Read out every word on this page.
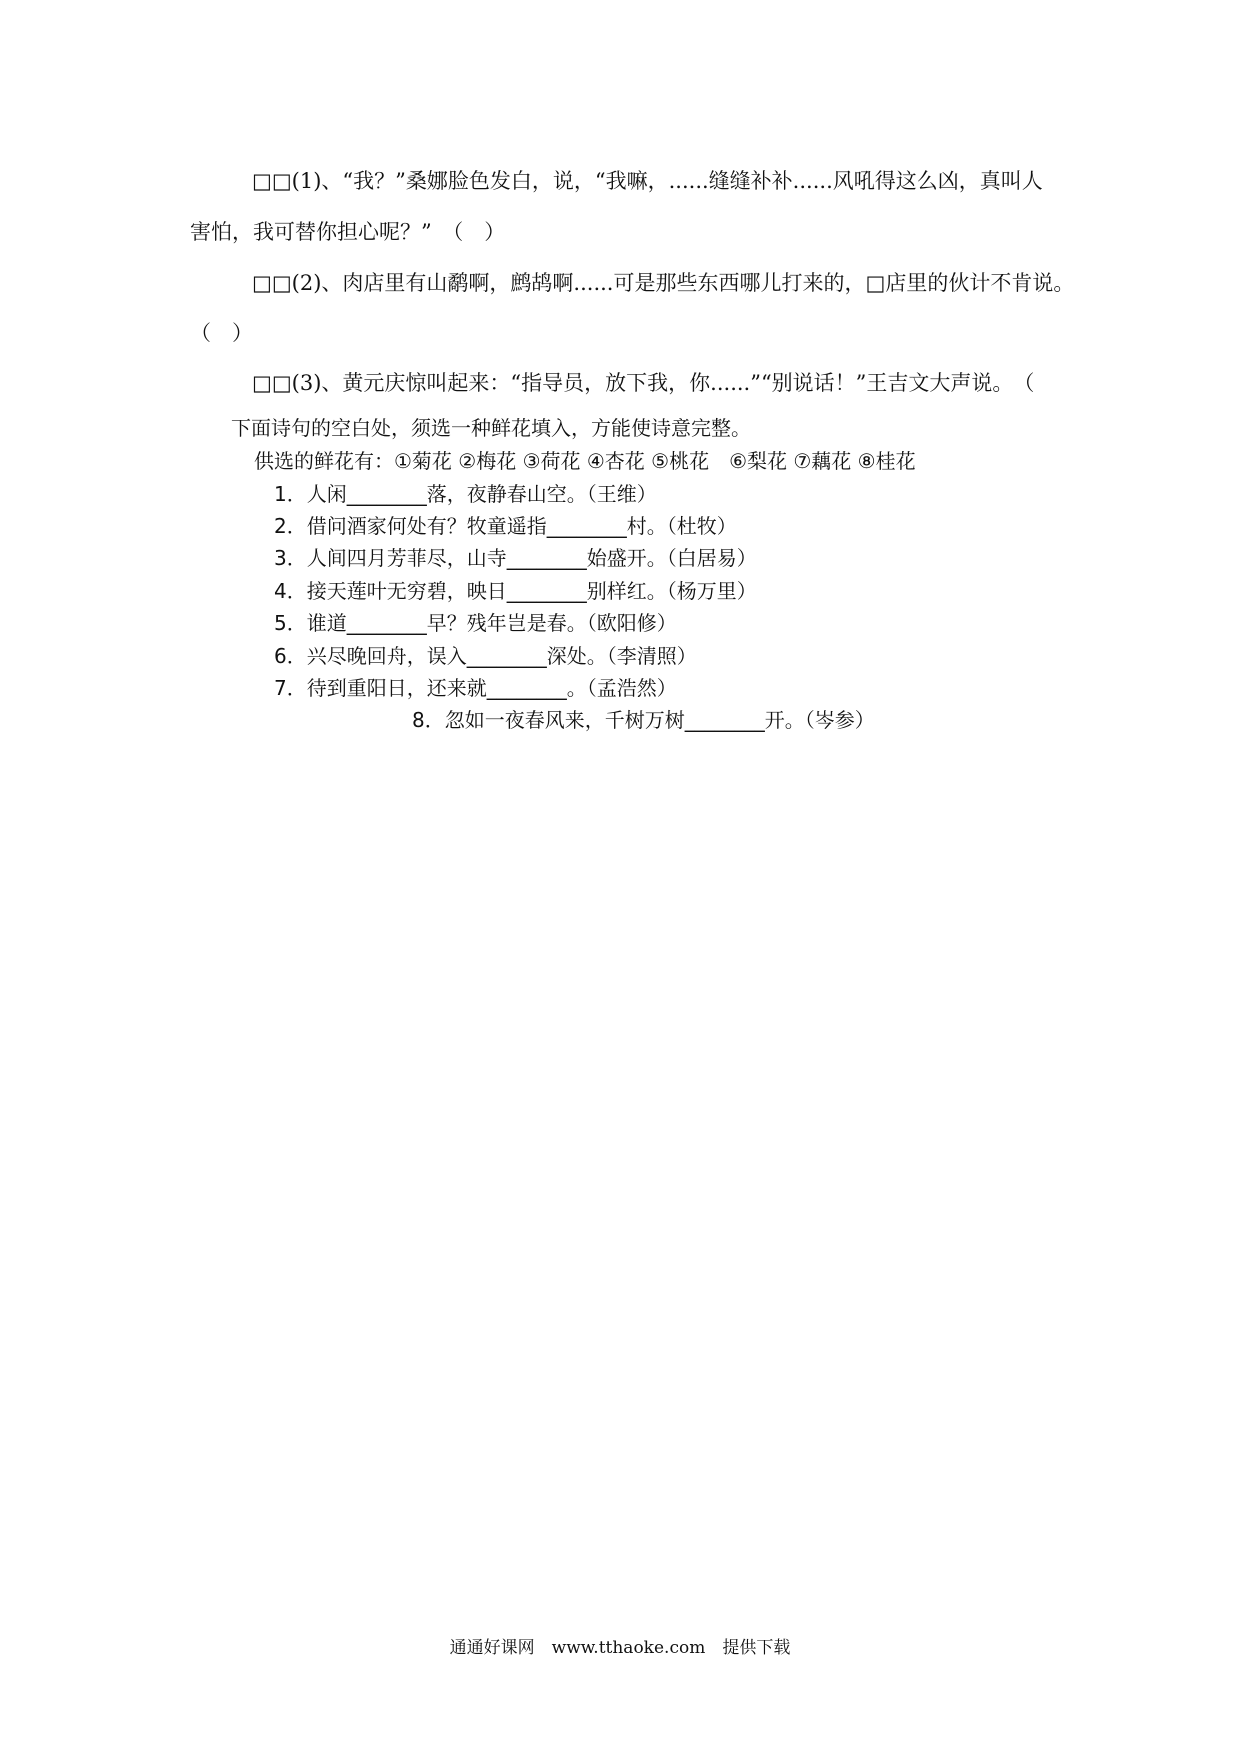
□□(1)、“我？”桑娜脸色发白，说，“我嘛，......缝缝补补......风吼得这么凶，真叫人
害怕，我可替你担心呢？”　（　）
□□(2)、肉店里有山鹬啊，鹧鸪啊......可是那些东西哪儿打来的，□店里的伙计不肯说。
（　）
□□(3)、黄元庆惊叫起来：“指导员，放下我，你......”“别说话！”王吉文大声说。　（
下面诗句的空白处，须选一种鲜花填入，方能使诗意完整。
供选的鲜花有：①菊花 ②梅花 ③荷花 ④杏花 ⑤桃花　⑥梨花 ⑦藕花 ⑧桂花
1．人闲________落，夜静春山空。（王维）
2．借问酒家何处有？牧童遥指________村。（杜牧）
3．人间四月芳菲尽，山寺________始盛开。（白居易）
4．接天莲叶无穷碧，映日________别样红。（杨万里）
5．谁道________早？残年岂是春。（欧阳修）
6．兴尽晚回舟，误入________深处。（李清照）
7．待到重阳日，还来就________。（孟浩然）
8．忽如一夜春风来，千树万树________开。（岑参）
通通好课网　www.tthaoke.com　提供下载
